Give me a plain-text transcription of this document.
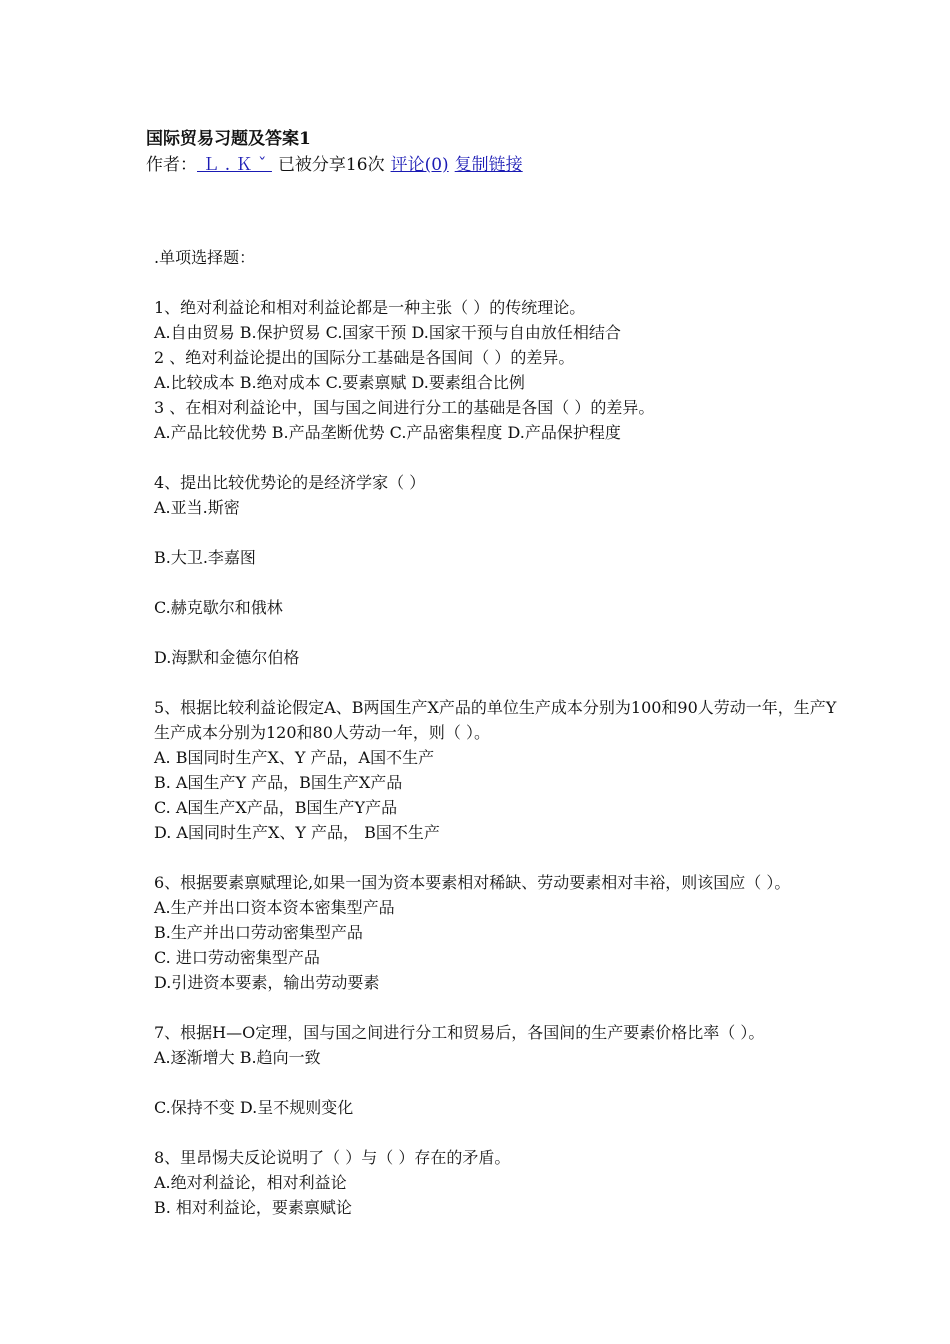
国际贸易习题及答案1
作者： Ｌ . Ｋ ˇ 已被分享16次 评论(0) 复制链接
.单项选择题：
1、绝对利益论和相对利益论都是一种主张（ ）的传统理论。
A.自由贸易 B.保护贸易 C.国家干预 D.国家干预与自由放任相结合
2 、绝对利益论提出的国际分工基础是各国间（ ）的差异。
A.比较成本 B.绝对成本 C.要素禀赋 D.要素组合比例
3 、在相对利益论中，国与国之间进行分工的基础是各国（ ）的差异。
A.产品比较优势 B.产品垄断优势 C.产品密集程度 D.产品保护程度
4、提出比较优势论的是经济学家（ ）
A.亚当.斯密
B.大卫.李嘉图
C.赫克歇尔和俄林
D.海默和金德尔伯格
5、根据比较利益论假定A、B两国生产X产品的单位生产成本分别为100和90人劳动一年，生产Y
生产成本分别为120和80人劳动一年，则（ ）。
A. B国同时生产X、Y 产品，A国不生产
B. A国生产Y 产品，B国生产X产品
C. A国生产X产品，B国生产Y产品
D. A国同时生产X、Y 产品， B国不生产
6、根据要素禀赋理论,如果一国为资本要素相对稀缺、劳动要素相对丰裕，则该国应（ ）。
A.生产并出口资本资本密集型产品
B.生产并出口劳动密集型产品
C. 进口劳动密集型产品
D.引进资本要素，输出劳动要素
7、根据H—O定理，国与国之间进行分工和贸易后，各国间的生产要素价格比率（ ）。
A.逐渐增大 B.趋向一致
C.保持不变 D.呈不规则变化
8、里昂惕夫反论说明了（ ）与（ ）存在的矛盾。
A.绝对利益论，相对利益论
B. 相对利益论，要素禀赋论
